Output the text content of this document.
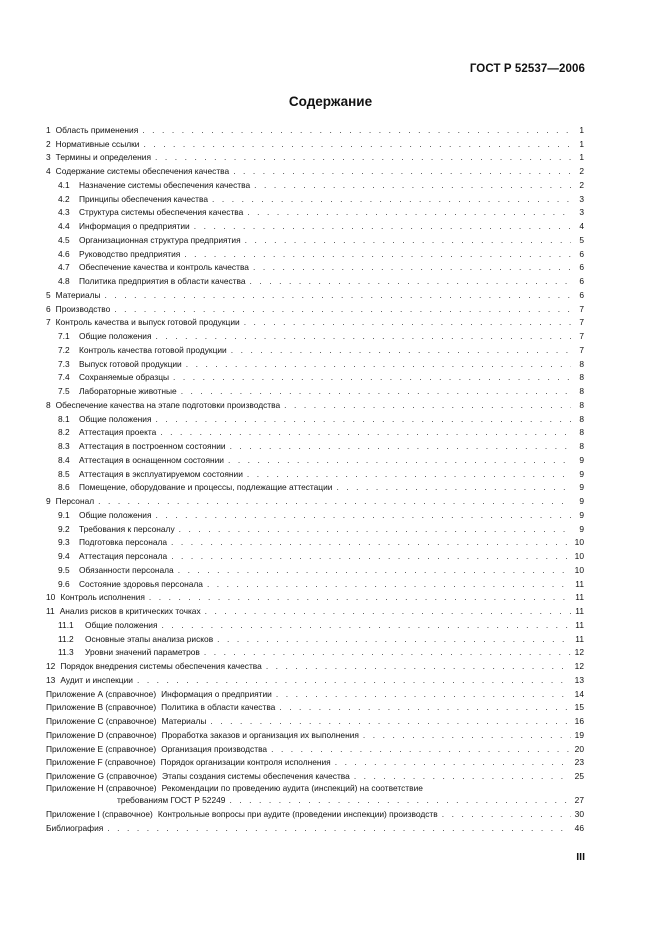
ГОСТ Р 52537—2006
Содержание
1 Область применения . . .	1
2 Нормативные ссылки . . .	1
3 Термины и определения . . .	1
4 Содержание системы обеспечения качества . . .	2
4.1	Назначение системы обеспечения качества . . .	2
4.2	Принципы обеспечения качества . . .	3
4.3	Структура системы обеспечения качества . . .	3
4.4	Информация о предприятии . . .	4
4.5	Организационная структура предприятия . . .	5
4.6	Руководство предприятия . . .	6
4.7	Обеспечение качества и контроль качества . . .	6
4.8	Политика предприятия в области качества . . .	6
5 Материалы . . .	6
6 Производство . . .	7
7 Контроль качества и выпуск готовой продукции . . .	7
7.1	Общие положения . . .	7
7.2	Контроль качества готовой продукции . . .	7
7.3	Выпуск готовой продукции . . .	8
7.4	Сохраняемые образцы . . .	8
7.5	Лабораторные животные . . .	8
8 Обеспечение качества на этапе подготовки производства . . .	8
8.1	Общие положения . . .	8
8.2	Аттестация проекта . . .	8
8.3	Аттестация в построенном состоянии . . .	8
8.4	Аттестация в оснащенном состоянии . . .	9
8.5	Аттестация в эксплуатируемом состоянии . . .	9
8.6	Помещение, оборудование и процессы, подлежащие аттестации . . .	9
9 Персонал . . .	9
9.1	Общие положения . . .	9
9.2	Требования к персоналу . . .	9
9.3	Подготовка персонала . . .	10
9.4	Аттестация персонала . . .	10
9.5	Обязанности персонала . . .	10
9.6	Состояние здоровья персонала . . .	11
10 Контроль исполнения . . .	11
11 Анализ рисков в критических точках . . .	11
11.1	Общие положения . . .	11
11.2	Основные этапы анализа рисков . . .	11
11.3	Уровни значений параметров . . .	12
12 Порядок внедрения системы обеспечения качества . . .	12
13 Аудит и инспекции . . .	13
Приложение А (справочное) Информация о предприятии . . .	14
Приложение В (справочное) Политика в области качества . . .	15
Приложение С (справочное) Материалы . . .	16
Приложение D (справочное) Проработка заказов и организация их выполнения . . .	19
Приложение Е (справочное) Организация производства . . .	20
Приложение F (справочное) Порядок организации контроля исполнения . . .	23
Приложение G (справочное) Этапы создания системы обеспечения качества . . .	25
Приложение Н (справочное) Рекомендации по проведению аудита (инспекций) на соответствие
требованиям ГОСТ Р 52249 . . .	27
Приложение I (справочное) Контрольные вопросы при аудите (проведении инспекции) производств . . .	30
Библиография . . .	46
III
